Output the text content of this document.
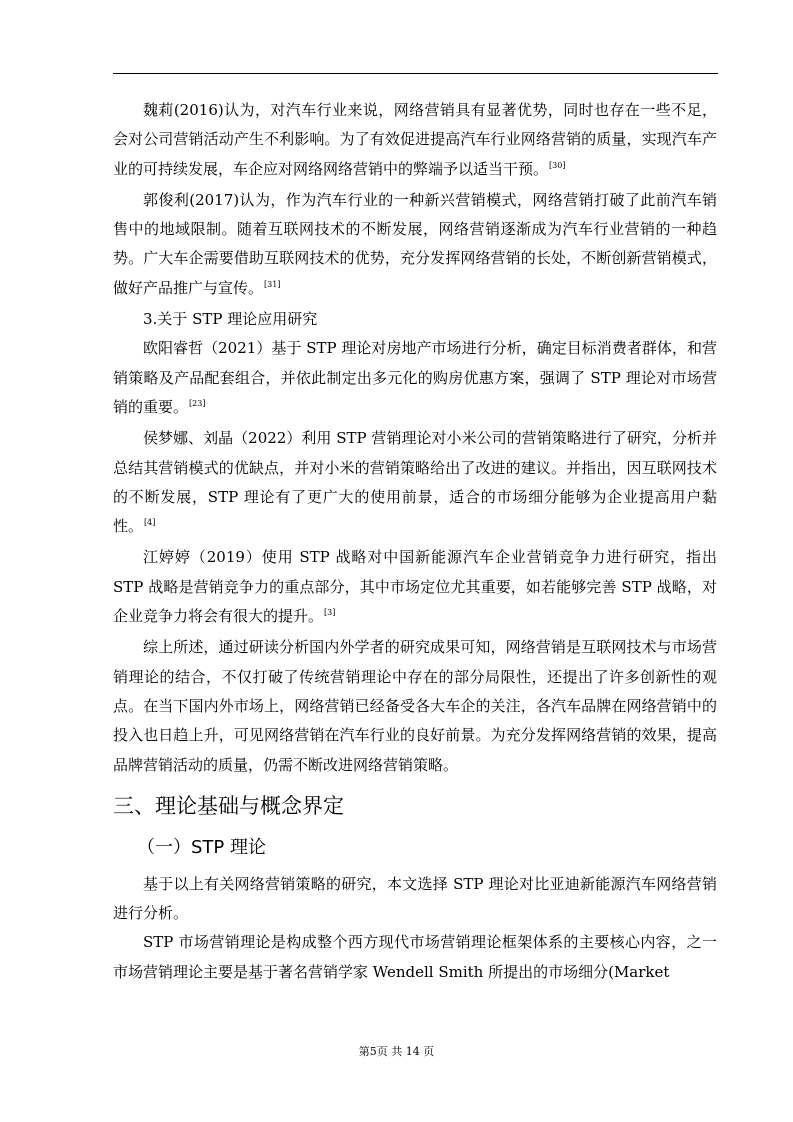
魏莉(2016)认为，对汽车行业来说，网络营销具有显著优势，同时也存在一些不足，会对公司营销活动产生不利影响。为了有效促进提高汽车行业网络营销的质量，实现汽车产业的可持续发展，车企应对网络网络营销中的弊端予以适当干预。[30]

郭俊利(2017)认为，作为汽车行业的一种新兴营销模式，网络营销打破了此前汽车销售中的地域限制。随着互联网技术的不断发展，网络营销逐渐成为汽车行业营销的一种趋势。广大车企需要借助互联网技术的优势，充分发挥网络营销的长处，不断创新营销模式，做好产品推广与宣传。[31]

3.关于 STP 理论应用研究

欧阳睿哲（2021）基于 STP 理论对房地产市场进行分析，确定目标消费者群体，和营销策略及产品配套组合，并依此制定出多元化的购房优惠方案，强调了 STP 理论对市场营销的重要。[23]

侯梦娜、刘晶（2022）利用 STP 营销理论对小米公司的营销策略进行了研究，分析并总结其营销模式的优缺点，并对小米的营销策略给出了改进的建议。并指出，因互联网技术的不断发展，STP 理论有了更广大的使用前景，适合的市场细分能够为企业提高用户黏性。[4]

江婷婷（2019）使用 STP 战略对中国新能源汽车企业营销竞争力进行研究，指出 STP 战略是营销竞争力的重点部分，其中市场定位尤其重要，如若能够完善 STP 战略，对企业竞争力将会有很大的提升。[3]

综上所述，通过研读分析国内外学者的研究成果可知，网络营销是互联网技术与市场营销理论的结合，不仅打破了传统营销理论中存在的部分局限性，还提出了许多创新性的观点。在当下国内外市场上，网络营销已经备受各大车企的关注，各汽车品牌在网络营销中的投入也日趋上升，可见网络营销在汽车行业的良好前景。为充分发挥网络营销的效果，提高品牌营销活动的质量，仍需不断改进网络营销策略。

三、理论基础与概念界定
（一）STP 理论

基于以上有关网络营销策略的研究，本文选择 STP 理论对比亚迪新能源汽车网络营销进行分析。

STP 市场营销理论是构成整个西方现代市场营销理论框架体系的主要核心内容，之一市场营销理论主要是基于著名营销学家 Wendell Smith 所提出的市场细分(Market

第5页 共 14 页
